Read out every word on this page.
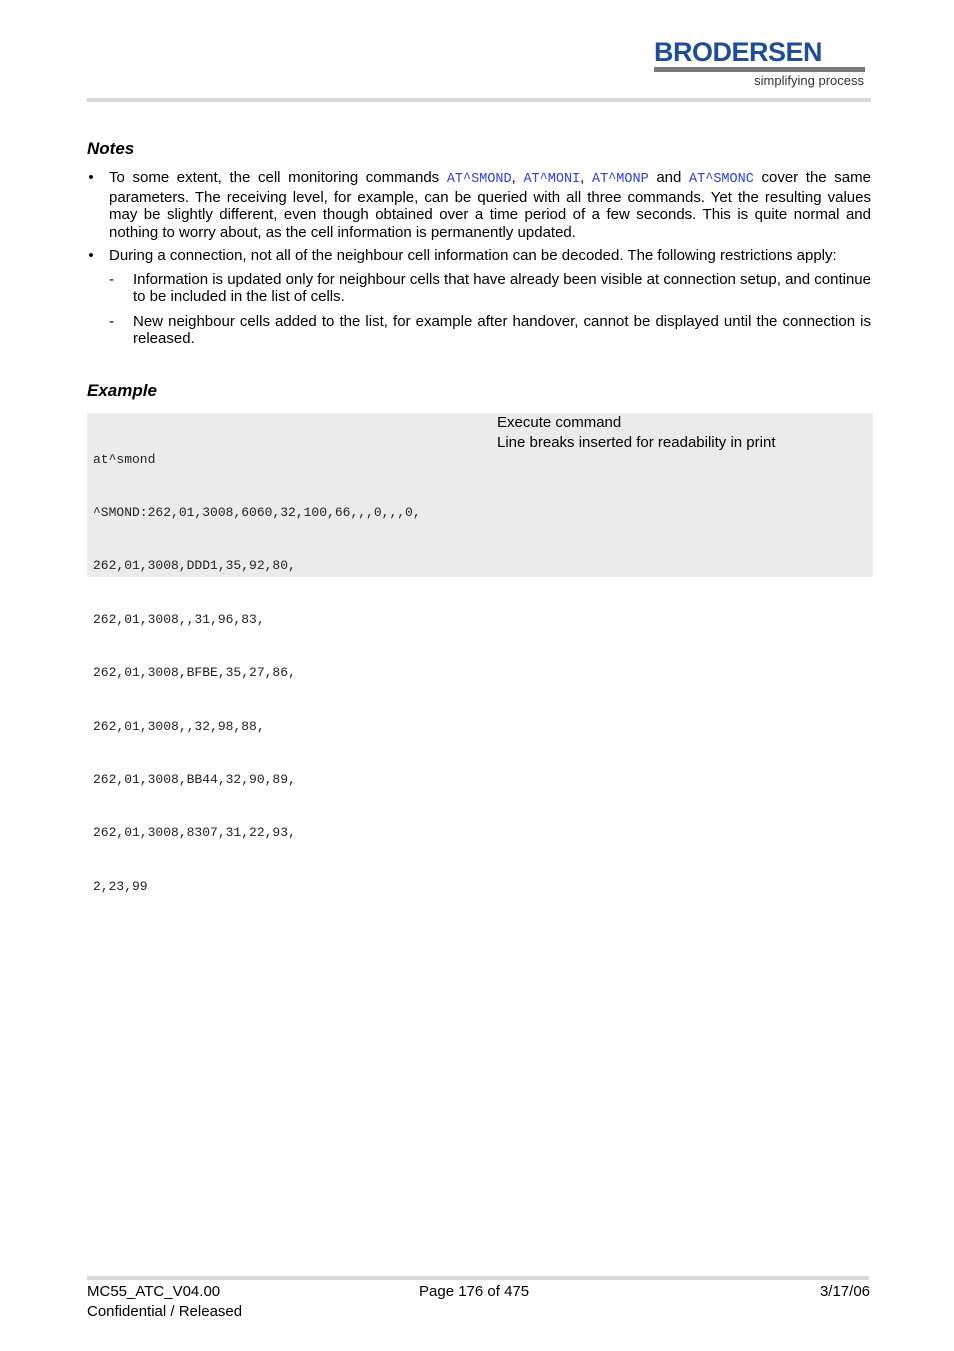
BRODERSEN
simplifying process
Notes
• To some extent, the cell monitoring commands AT^SMOND, AT^MONI, AT^MONP and AT^SMONC cover the same parameters. The receiving level, for example, can be queried with all three commands. Yet the resulting values may be slightly different, even though obtained over a time period of a few seconds. This is quite normal and nothing to worry about, as the cell information is permanently updated.
• During a connection, not all of the neighbour cell information can be decoded. The following restrictions apply:
- Information is updated only for neighbour cells that have already been visible at connection setup, and continue to be included in the list of cells.
- New neighbour cells added to the list, for example after handover, cannot be displayed until the connection is released.
Example

at^smond

^SMOND:262,01,3008,6060,32,100,66,,,0,,,0,

262,01,3008,DDD1,35,92,80,

262,01,3008,,31,96,83,

262,01,3008,BFBE,35,27,86,

262,01,3008,,32,98,88,

262,01,3008,BB44,32,90,89,

262,01,3008,8307,31,22,93,

2,23,99

Execute command
Line breaks inserted for readability in print
MC55_ATC_V04.00
Confidential / Released
Page 176 of 475	3/17/06
